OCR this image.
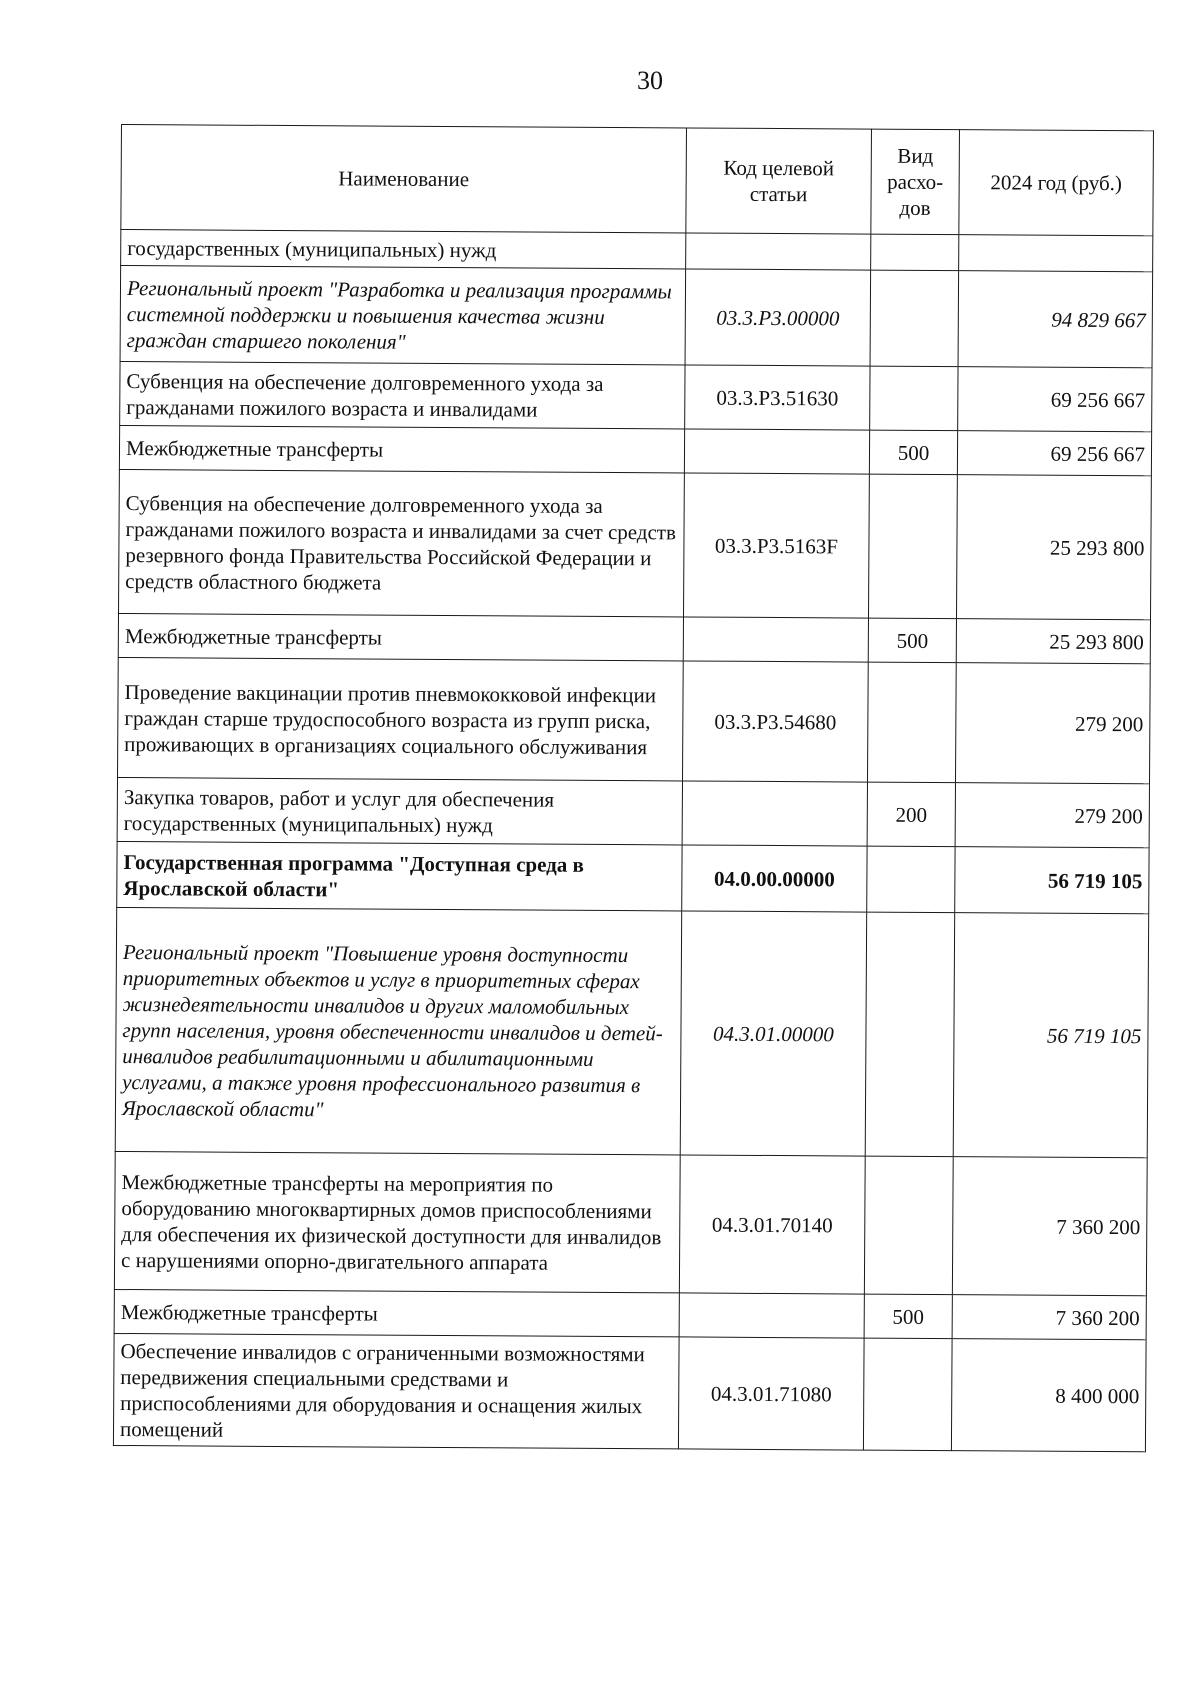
30
Наименование	Код целевой статьи	Вид расхо-дов	2024 год (руб.)
государственных (муниципальных) нужд			
Региональный проект "Разработка и реализация программы системной поддержки и повышения качества жизни граждан старшего поколения"	03.3.P3.00000		94 829 667
Субвенция на обеспечение долговременного ухода за гражданами пожилого возраста и инвалидами	03.3.P3.51630		69 256 667
Межбюджетные трансферты		500	69 256 667
Субвенция на обеспечение долговременного ухода за гражданами пожилого возраста и инвалидами за счет средств резервного фонда Правительства Российской Федерации и средств областного бюджета	03.3.P3.5163F		25 293 800
Межбюджетные трансферты		500	25 293 800
Проведение вакцинации против пневмококковой инфекции граждан старше трудоспособного возраста из групп риска, проживающих в организациях социального обслуживания	03.3.P3.54680		279 200
Закупка товаров, работ и услуг для обеспечения государственных (муниципальных) нужд		200	279 200
Государственная программа "Доступная среда в Ярославской области"	04.0.00.00000		56 719 105
Региональный проект "Повышение уровня доступности приоритетных объектов и услуг в приоритетных сферах жизнедеятельности инвалидов и других маломобильных групп населения, уровня обеспеченности инвалидов и детей-инвалидов реабилитационными и абилитационными услугами, а также уровня профессионального развития в Ярославской области"	04.3.01.00000		56 719 105
Межбюджетные трансферты на мероприятия по оборудованию многоквартирных домов приспособлениями для обеспечения их физической доступности для инвалидов с нарушениями опорно-двигательного аппарата	04.3.01.70140		7 360 200
Межбюджетные трансферты		500	7 360 200
Обеспечение инвалидов с ограниченными возможностями передвижения специальными средствами и приспособлениями для оборудования и оснащения жилых помещений	04.3.01.71080		8 400 000
